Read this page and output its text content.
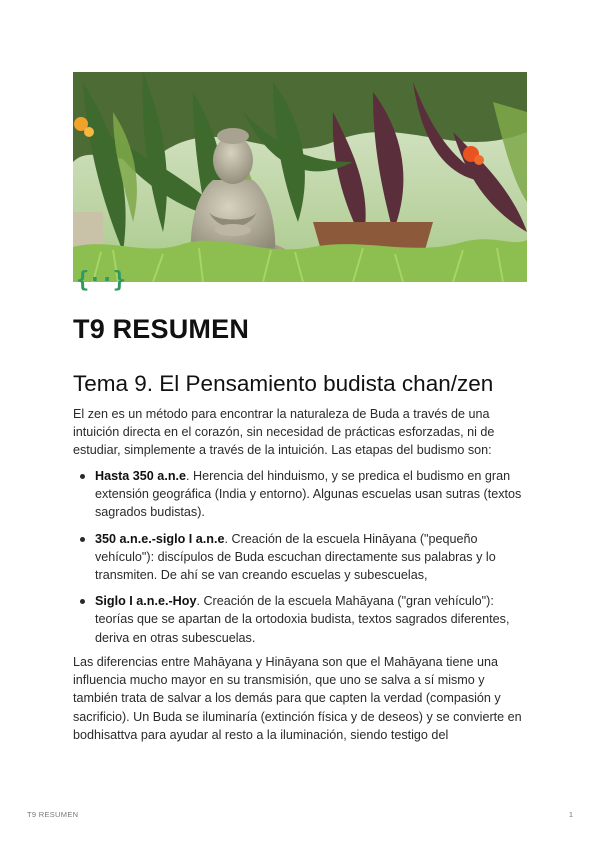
{··}
T9 RESUMEN
Tema 9. El Pensamiento budista chan/zen

El zen es un método para encontrar la naturaleza de Buda a través de una intuición directa en el corazón, sin necesidad de prácticas esforzadas, ni de estudiar, simplemente a través de la intuición. Las etapas del budismo son:

Hasta 350 a.n.e. Herencia del hinduismo, y se predica el budismo en gran extensión geográfica (India y entorno). Algunas escuelas usan sutras (textos sagrados budistas).
350 a.n.e.-siglo I a.n.e. Creación de la escuela Hināyana ("pequeño vehículo"): discípulos de Buda escuchan directamente sus palabras y lo transmiten. De ahí se van creando escuelas y subescuelas,
Siglo I a.n.e.-Hoy. Creación de la escuela Mahāyana ("gran vehículo"): teorías que se apartan de la ortodoxia budista, textos sagrados diferentes, deriva en otras subescuelas.

Las diferencias entre Mahāyana y Hināyana son que el Mahāyana tiene una influencia mucho mayor en su transmisión, que uno se salva a sí mismo y también trata de salvar a los demás para que capten la verdad (compasión y sacrificio). Un Buda se iluminaría (extinción física y de deseos) y se convierte en bodhisattva para ayudar al resto a la iluminación, siendo testigo del

T9 RESUMEN	1
